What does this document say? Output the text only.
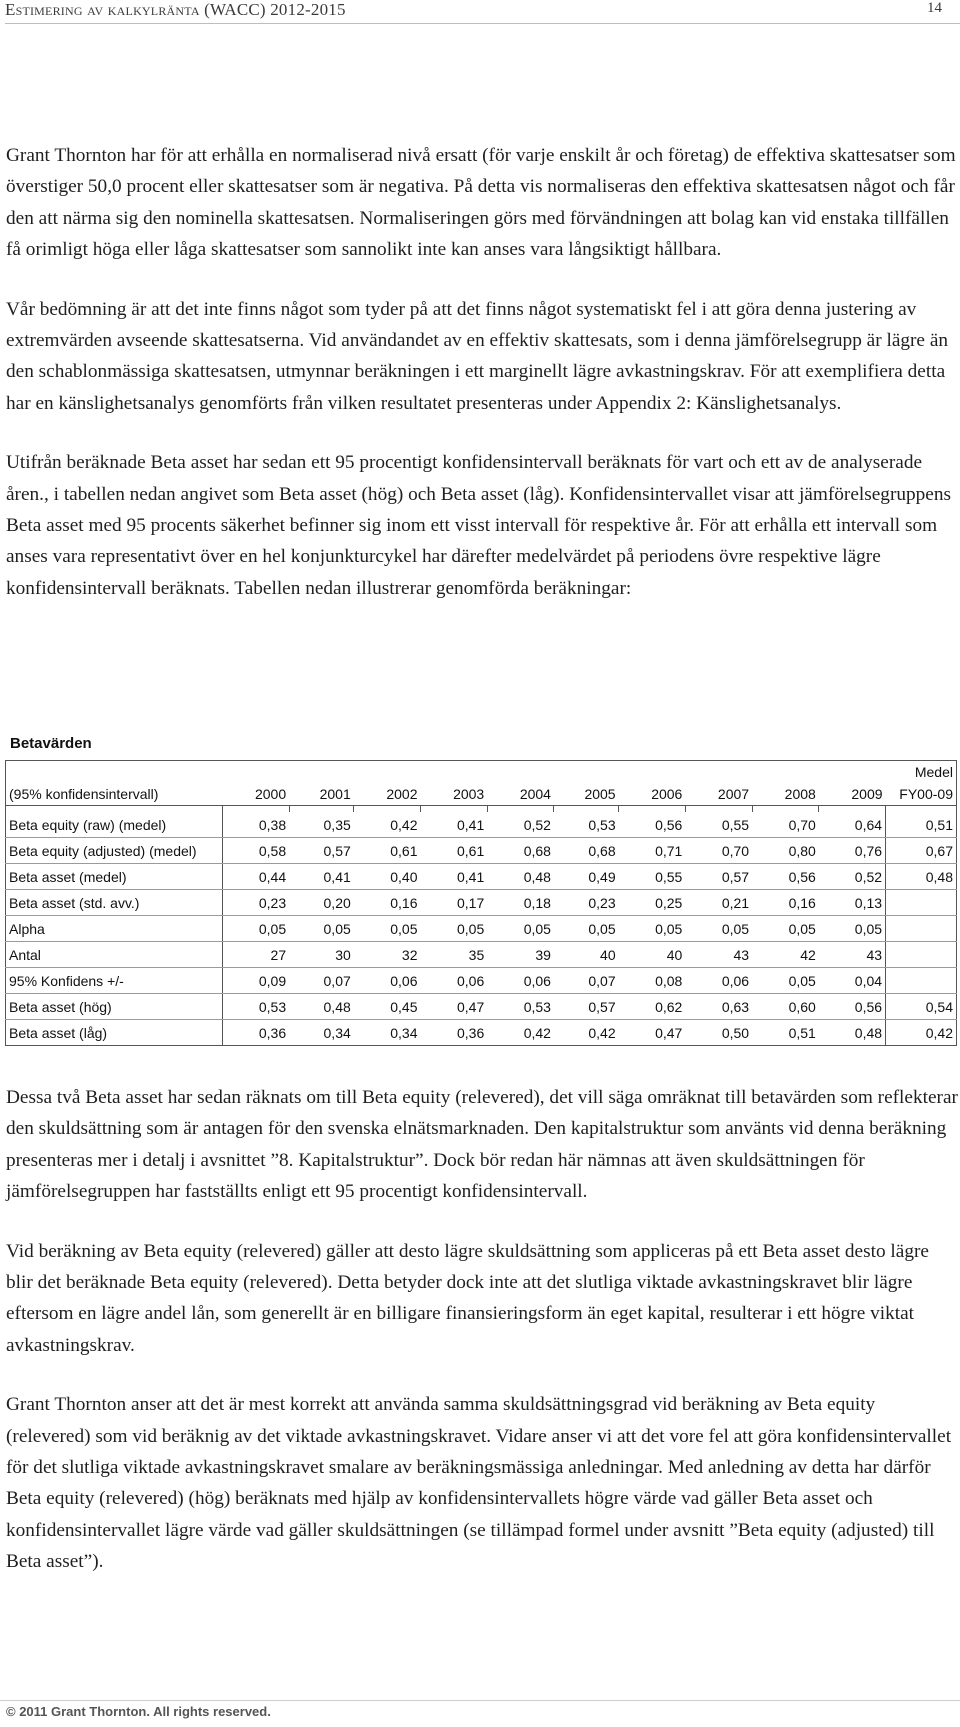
Estimering av kalkylränta (WACC) 2012-2015	14

Grant Thornton har för att erhålla en normaliserad nivå ersatt (för varje enskilt år och företag) de effektiva skattesatser som överstiger 50,0 procent eller skattesatser som är negativa. På detta vis normaliseras den effektiva skattesatsen något och får den att närma sig den nominella skattesatsen. Normaliseringen görs med förvändningen att bolag kan vid enstaka tillfällen få orimligt höga eller låga skattesatser som sannolikt inte kan anses vara långsiktigt hållbara.

Vår bedömning är att det inte finns något som tyder på att det finns något systematiskt fel i att göra denna justering av extremvärden avseende skattesatserna. Vid användandet av en effektiv skattesats, som i denna jämförelsegrupp är lägre än den schablonmässiga skattesatsen, utmynnar beräkningen i ett marginellt lägre avkastningskrav. För att exemplifiera detta har en känslighetsanalys genomförts från vilken resultatet presenteras under Appendix 2: Känslighetsanalys.

Utifrån beräknade Beta asset har sedan ett 95 procentigt konfidensintervall beräknats för vart och ett av de analyserade åren., i tabellen nedan angivet som Beta asset (hög) och Beta asset (låg). Konfidensintervallet visar att jämförelsegruppens Beta asset med 95 procents säkerhet befinner sig inom ett visst intervall för respektive år. För att erhålla ett intervall som anses vara representativt över en hel konjunkturcykel har därefter medelvärdet på periodens övre respektive lägre konfidensintervall beräknats. Tabellen nedan illustrerar genomförda beräkningar:

Betavärden
											Medel
(95% konfidensintervall)	2000	2001	2002	2003	2004	2005	2006	2007	2008	2009	FY00-09

Beta equity (raw) (medel)	0,38	0,35	0,42	0,41	0,52	0,53	0,56	0,55	0,70	0,64	0,51
Beta equity (adjusted) (medel)	0,58	0,57	0,61	0,61	0,68	0,68	0,71	0,70	0,80	0,76	0,67
Beta asset (medel)	0,44	0,41	0,40	0,41	0,48	0,49	0,55	0,57	0,56	0,52	0,48
Beta asset (std. avv.)	0,23	0,20	0,16	0,17	0,18	0,23	0,25	0,21	0,16	0,13	
Alpha	0,05	0,05	0,05	0,05	0,05	0,05	0,05	0,05	0,05	0,05	
Antal	27	30	32	35	39	40	40	43	42	43	
95% Konfidens +/-	0,09	0,07	0,06	0,06	0,06	0,07	0,08	0,06	0,05	0,04	
Beta asset (hög)	0,53	0,48	0,45	0,47	0,53	0,57	0,62	0,63	0,60	0,56	0,54
Beta asset (låg)	0,36	0,34	0,34	0,36	0,42	0,42	0,47	0,50	0,51	0,48	0,42

Dessa två Beta asset har sedan räknats om till Beta equity (relevered), det vill säga omräknat till betavärden som reflekterar den skuldsättning som är antagen för den svenska elnätsmarknaden. Den kapitalstruktur som använts vid denna beräkning presenteras mer i detalj i avsnittet ”8. Kapitalstruktur”. Dock bör redan här nämnas att även skuldsättningen för jämförelsegruppen har fastställts enligt ett 95 procentigt konfidensintervall.

Vid beräkning av Beta equity (relevered) gäller att desto lägre skuldsättning som appliceras på ett Beta asset desto lägre blir det beräknade Beta equity (relevered). Detta betyder dock inte att det slutliga viktade avkastningskravet blir lägre eftersom en lägre andel lån, som generellt är en billigare finansieringsform än eget kapital, resulterar i ett högre viktat avkastningskrav.

Grant Thornton anser att det är mest korrekt att använda samma skuldsättningsgrad vid beräkning av Beta equity (relevered) som vid beräknig av det viktade avkastningskravet. Vidare anser vi att det vore fel att göra konfidensintervallet för det slutliga viktade avkastningskravet smalare av beräkningsmässiga anledningar. Med anledning av detta har därför Beta equity (relevered) (hög) beräknats med hjälp av konfidensintervallets högre värde vad gäller Beta asset och konfidensintervallet lägre värde vad gäller skuldsättningen (se tillämpad formel under avsnitt ”Beta equity (adjusted) till Beta asset”).

© 2011 Grant Thornton. All rights reserved.
